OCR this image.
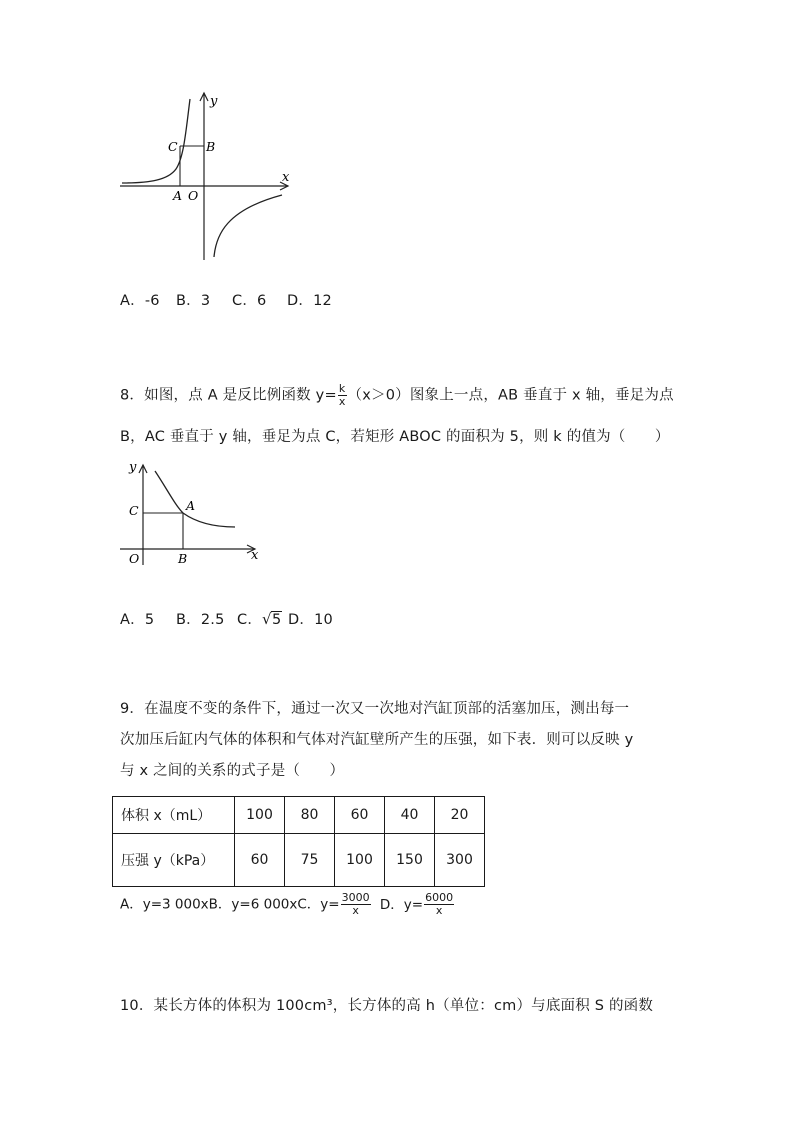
y
x
C B
A O
A．-6 B．3 C．6 D．12
8．如图，点 A 是反比例函数 $y= \frac{k}{x} (x>0)$图象上一点，AB 垂直于 x 轴，垂足为点
B，AC 垂直于 y 轴，垂足为点 C，若矩形 ABOC 的面积为 5，则 k 的值为（　　）
y
x
A
C
O	B
A．5 B．2.5 C． √ 5 D．10
9．在温度不变的条件下，通过一次又一次地对汽缸顶部的活塞加压，测出每一
次加压后缸内气体的体积和气体对汽缸壁所产生的压强，如下表．则可以反映 y
与 x 之间的关系的式子是（　　）
体积 x（mL）	100	80	60	40	20
压强 y（kPa）	60	75	100	150	300
A．y=3 000xB．y=6 000xC．$y= \frac{3000}{x}$ D．$y= \frac{6000}{x}$
10．某长方体的体积为 100cm³，长方体的高 h（单位：cm）与底面积 S 的函数
